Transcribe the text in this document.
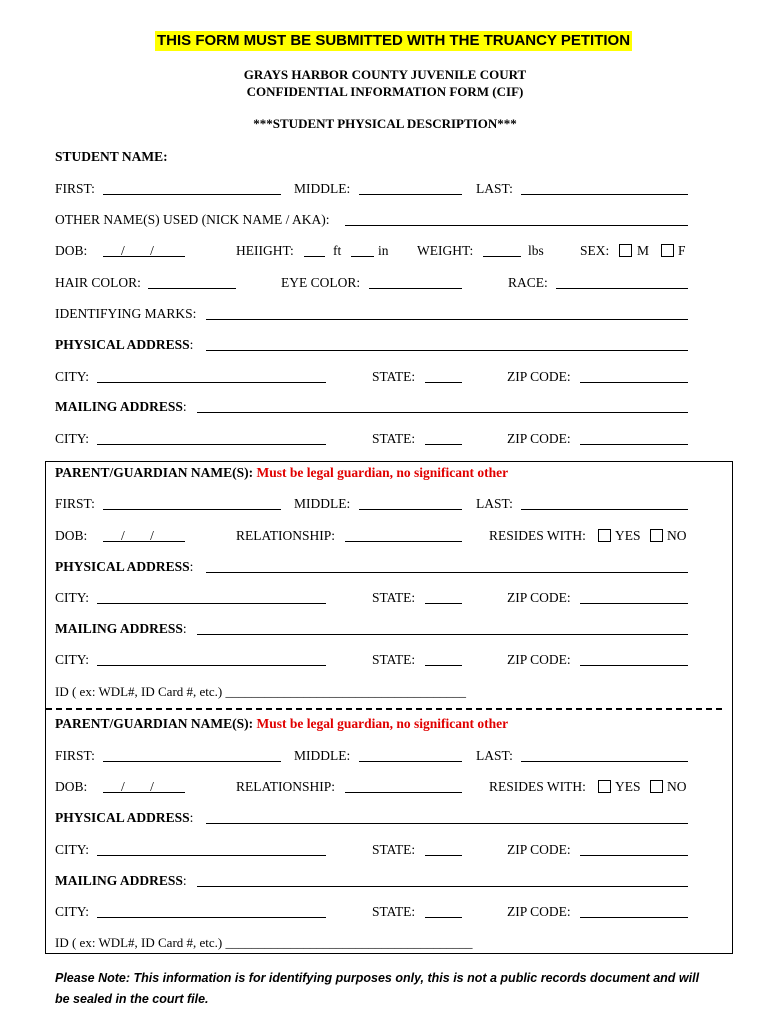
THIS FORM MUST BE SUBMITTED WITH THE TRUANCY PETITION
GRAYS HARBOR COUNTY JUVENILE COURT
CONFIDENTIAL INFORMATION FORM (CIF)
***STUDENT PHYSICAL DESCRIPTION***
STUDENT NAME:
FIRST:	MIDDLE:	LAST:
OTHER NAME(S) USED (NICK NAME / AKA):
DOB: / /	HEIIGHT:	ft	in WEIGHT:	lbs	SEX: M F
HAIR COLOR:	EYE COLOR:	RACE:
IDENTIFYING MARKS:
PHYSICAL ADDRESS:
CITY:	STATE:	ZIP CODE:
MAILING ADDRESS:
CITY:	STATE:	ZIP CODE:
PARENT/GUARDIAN NAME(S): Must be legal guardian, no significant other
FIRST:	MIDDLE:	LAST:
DOB: / /	RELATIONSHIP:	RESIDES WITH: YES NO
PHYSICAL ADDRESS:
CITY:	STATE:	ZIP CODE:
MAILING ADDRESS:
CITY:	STATE:	ZIP CODE:
ID ( ex: WDL#, ID Card #, etc.) _____________________________________
PARENT/GUARDIAN NAME(S): Must be legal guardian, no significant other
FIRST:	MIDDLE:	LAST:
DOB: / /	RELATIONSHIP:	RESIDES WITH: YES NO
PHYSICAL ADDRESS:
CITY:	STATE:	ZIP CODE:
MAILING ADDRESS:
CITY:	STATE:	ZIP CODE:
ID ( ex: WDL#, ID Card #, etc.) ______________________________________
Please Note: This information is for identifying purposes only, this is not a public records document and will be sealed in the court file.
